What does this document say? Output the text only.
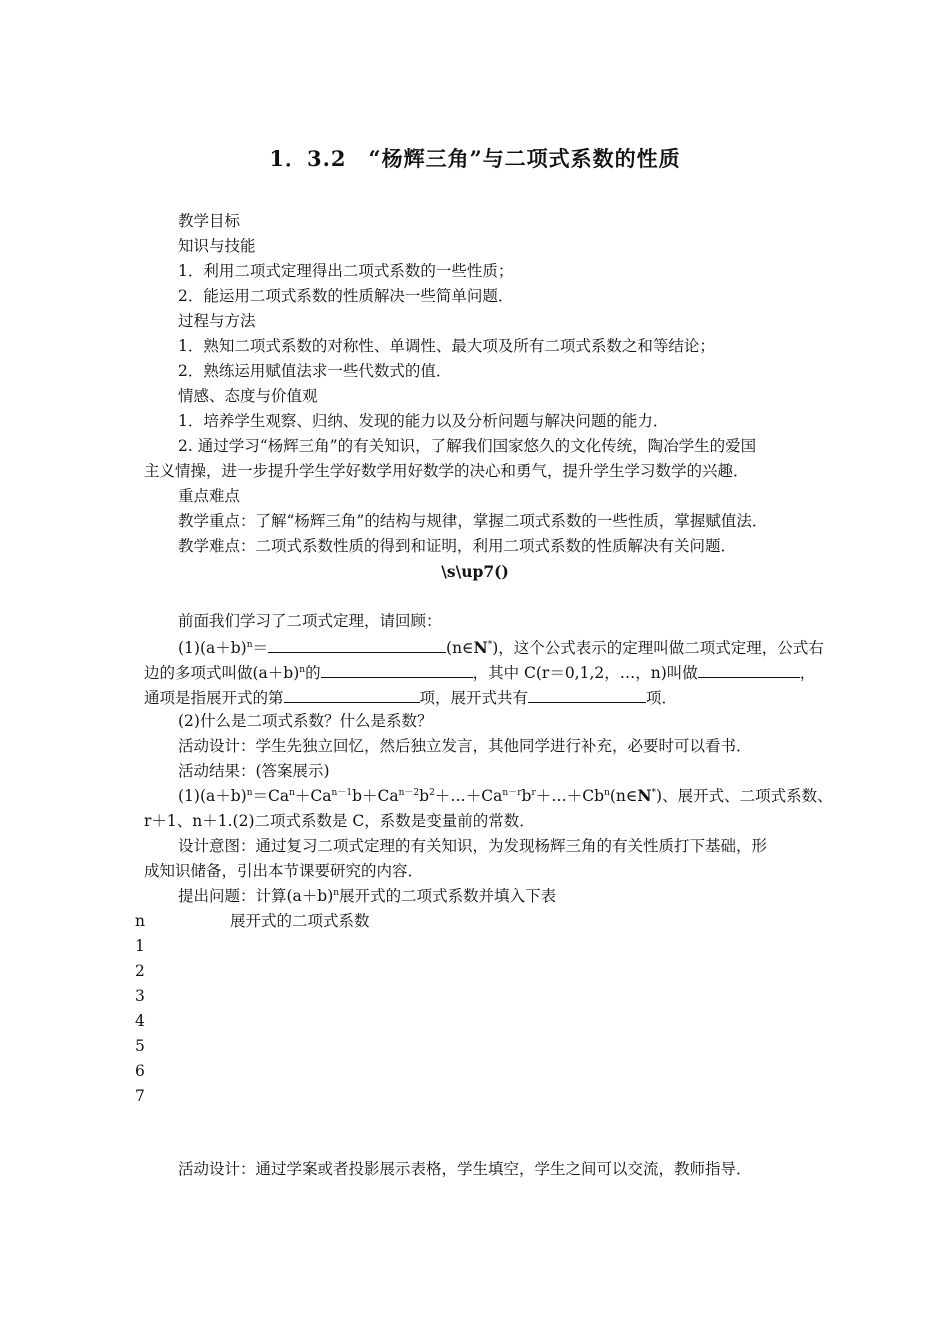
1．3.2　“杨辉三角”与二项式系数的性质
教学目标
知识与技能
1．利用二项式定理得出二项式系数的一些性质；
2．能运用二项式系数的性质解决一些简单问题．
过程与方法
1．熟知二项式系数的对称性、单调性、最大项及所有二项式系数之和等结论；
2．熟练运用赋值法求一些代数式的值．
情感、态度与价值观
1．培养学生观察、归纳、发现的能力以及分析问题与解决问题的能力．
2. 通过学习“杨辉三角”的有关知识，了解我们国家悠久的文化传统，陶冶学生的爱国
主义情操，进一步提升学生学好数学用好数学的决心和勇气，提升学生学习数学的兴趣．
重点难点
教学重点：了解“杨辉三角”的结构与规律，掌握二项式系数的一些性质，掌握赋值法．
教学难点：二项式系数性质的得到和证明，利用二项式系数的性质解决有关问题．
\s\up7()
前面我们学习了二项式定理，请回顾：
$(1)(a+b)^n=$	(n∈N*)，这个公式表示的定理叫做二项式定理，公式右
边的多项式叫做$(a+b)^n$的	，其中 C(r＝0,1,2，…，n)叫做	，
通项是指展开式的第	项，展开式共有	项．
(2)什么是二项式系数？什么是系数？
活动设计：学生先独立回忆，然后独立发言，其他同学进行补充，必要时可以看书．
活动结果：(答案展示)
$(1)(a+b)^n=Ca^n+Ca^{n-1}b+Ca^{n-2}b^2+\dots+Ca^{n-r}b^r+\dots+Cb^n(n\in N^*)$、展开式、二项式系数、
r＋1、n＋1.(2)二项式系数是 C，系数是变量前的常数．
设计意图：通过复习二项式定理的有关知识，为发现杨辉三角的有关性质打下基础，形
成知识储备，引出本节课要研究的内容．
提出问题：计算$(a+b)^n$展开式的二项式系数并填入下表
n	展开式的二项式系数
1
2
3
4
5
6
7
活动设计：通过学案或者投影展示表格，学生填空，学生之间可以交流，教师指导．
